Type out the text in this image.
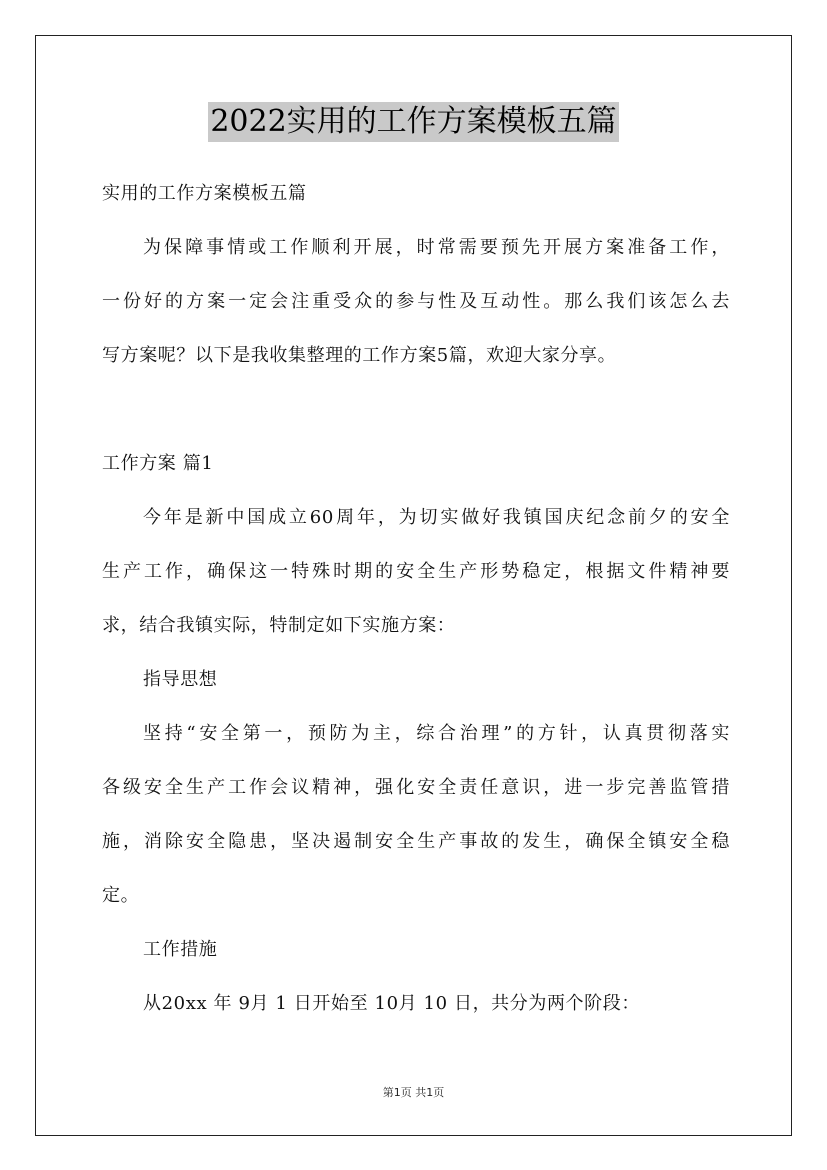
2022实用的工作方案模板五篇
实用的工作方案模板五篇
为保障事情或工作顺利开展，时常需要预先开展方案准备工作，
一份好的方案一定会注重受众的参与性及互动性。那么我们该怎么去
写方案呢？以下是我收集整理的工作方案5篇，欢迎大家分享。
工作方案 篇1
今年是新中国成立60周年，为切实做好我镇国庆纪念前夕的安全
生产工作，确保这一特殊时期的安全生产形势稳定，根据文件精神要
求，结合我镇实际，特制定如下实施方案：
指导思想
坚持“安全第一，预防为主，综合治理”的方针，认真贯彻落实
各级安全生产工作会议精神，强化安全责任意识，进一步完善监管措
施，消除安全隐患，坚决遏制安全生产事故的发生，确保全镇安全稳
定。
工作措施
从20xx 年 9月 1 日开始至 10月 10 日，共分为两个阶段：
第1页 共1页
